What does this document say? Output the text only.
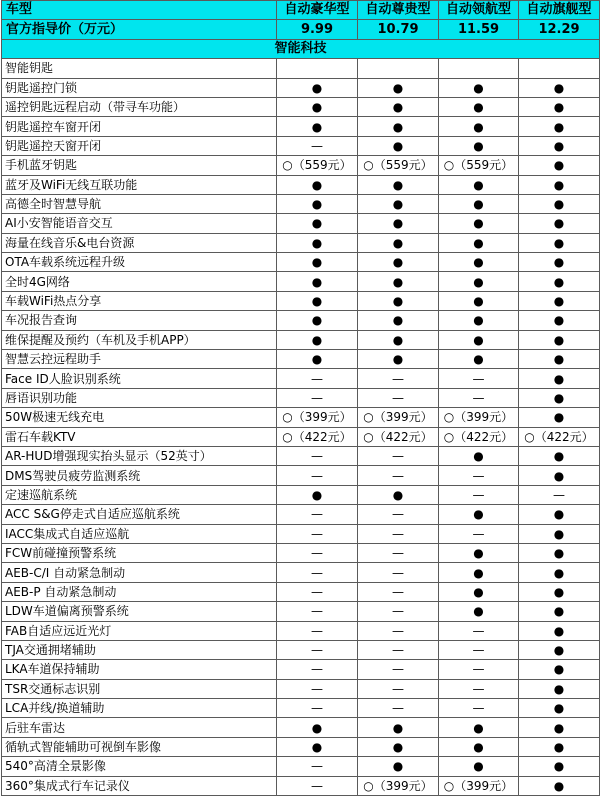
车型	自动豪华型	自动尊贵型	自动领航型	自动旗舰型
官方指导价（万元）	9.99	10.79	11.59	12.29
智能科技				
智能钥匙				
钥匙遥控门锁	●	●	●	●
遥控钥匙远程启动（带寻车功能）	●	●	●	●
钥匙遥控车窗开闭	●	●	●	●
钥匙遥控天窗开闭	—	●	●	●
手机蓝牙钥匙	○（559元）	○（559元）	○（559元）	●
蓝牙及WiFi无线互联功能	●	●	●	●
高德全时智慧导航	●	●	●	●
AI小安智能语音交互	●	●	●	●
海量在线音乐&电台资源	●	●	●	●
OTA车载系统远程升级	●	●	●	●
全时4G网络	●	●	●	●
车载WiFi热点分享	●	●	●	●
车况报告查询	●	●	●	●
维保提醒及预约（车机及手机APP）	●	●	●	●
智慧云控远程助手	●	●	●	●
Face ID人脸识别系统	—	—	—	●
唇语识别功能	—	—	—	●
50W极速无线充电	○（399元）	○（399元）	○（399元）	●
雷石车载KTV	○（422元）	○（422元）	○（422元）	○（422元）
AR-HUD增强现实抬头显示（52英寸）	—	—	●	●
DMS驾驶员疲劳监测系统	—	—	—	●
定速巡航系统	●	●	—	—
ACC S&G停走式自适应巡航系统	—	—	●	●
IACC集成式自适应巡航	—	—	—	●
FCW前碰撞预警系统	—	—	●	●
AEB-C/I 自动紧急制动	—	—	●	●
AEB-P 自动紧急制动	—	—	●	●
LDW车道偏离预警系统	—	—	●	●
FAB自适应远近光灯	—	—	—	●
TJA交通拥堵辅助	—	—	—	●
LKA车道保持辅助	—	—	—	●
TSR交通标志识别	—	—	—	●
LCA并线/换道辅助	—	—	—	●
后驻车雷达	●	●	●	●
循轨式智能辅助可视倒车影像	●	●	●	●
540°高清全景影像	—	●	●	●
360°集成式行车记录仪	—	○（399元）	○（399元）	●
